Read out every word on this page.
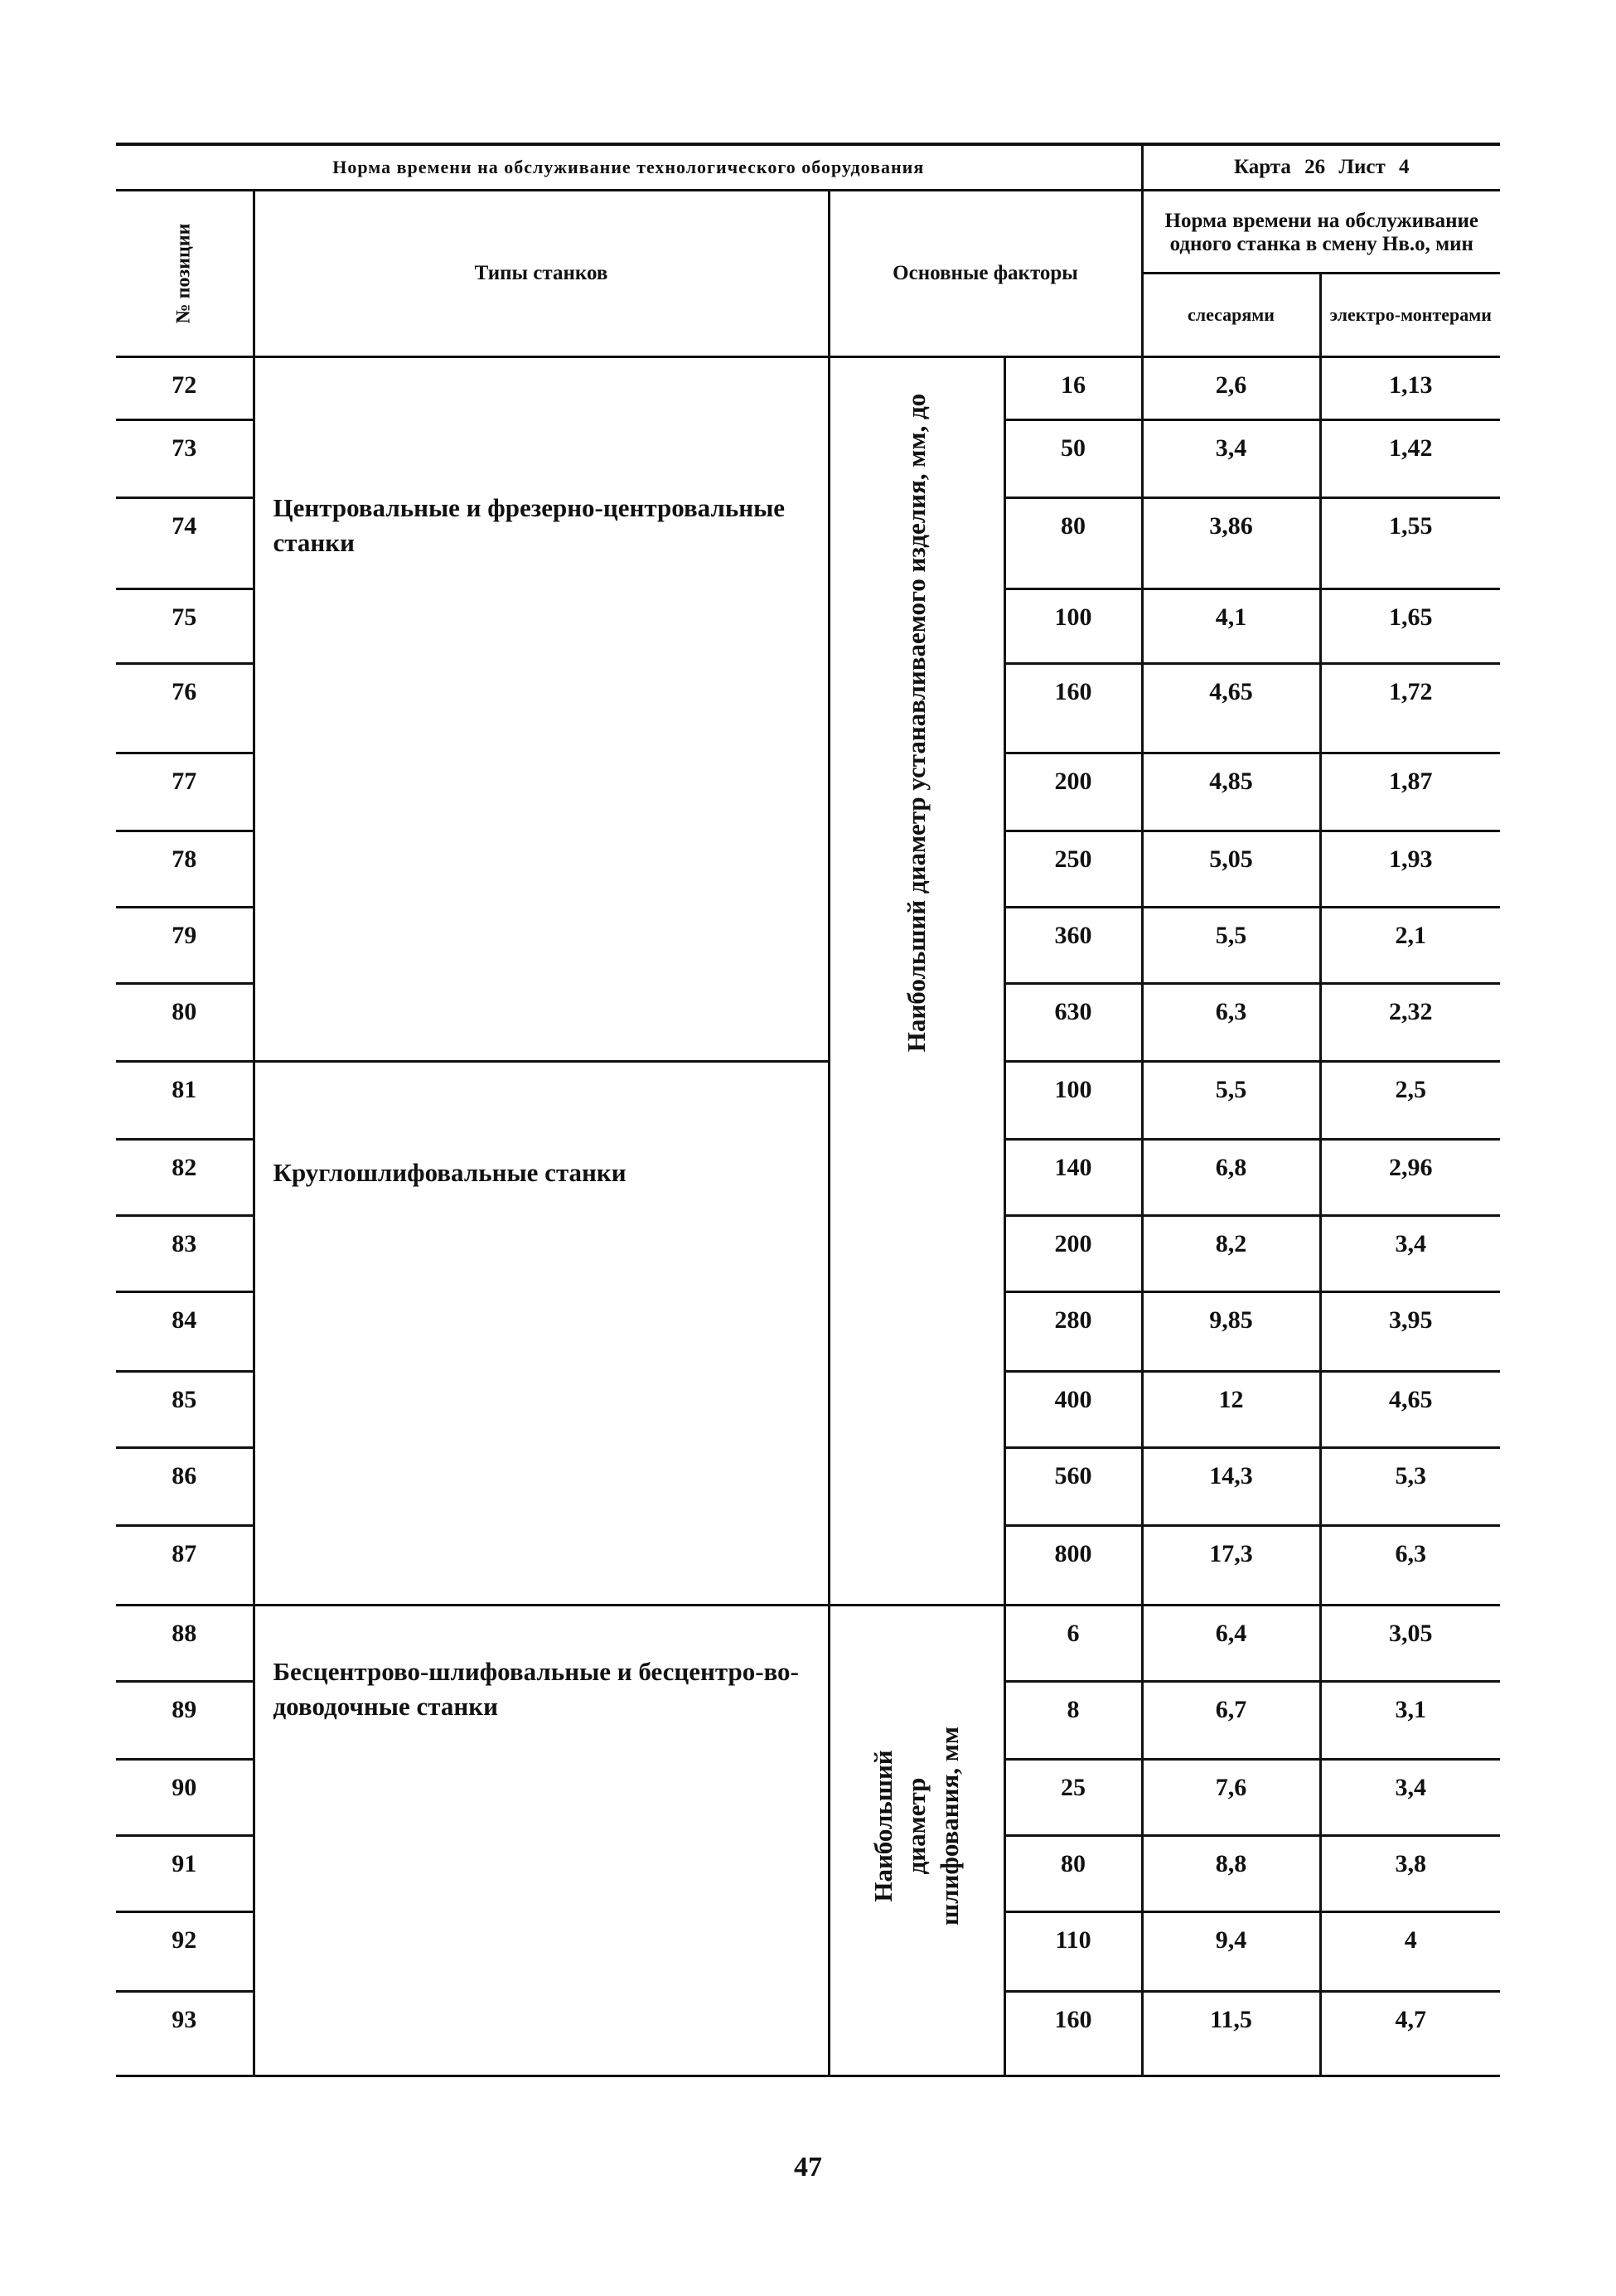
Норма времени на обслуживание технологического оборудования				Карта 26 Лист 4	

№ позиции	Типы станков	Основные факторы		Норма времени на обслуживание одного станка в смену Нв.о, мин	
				слесарями	электро-монтерами
72	Центровальные и фрезерно-центровальные станки	Наибольший диаметр устанавливаемого изделия, мм, до	16	2,6	1,13
73			50	3,4	1,42
74			80	3,86	1,55
75			100	4,1	1,65
76			160	4,65	1,72
77			200	4,85	1,87
78			250	5,05	1,93
79			360	5,5	2,1
80			630	6,3	2,32
81	Круглошлифовальные станки		100	5,5	2,5
82			140	6,8	2,96
83			200	8,2	3,4
84			280	9,85	3,95
85			400	12	4,65
86			560	14,3	5,3
87			800	17,3	6,3
88	Бесцентрово-шлифовальные и бесцентро-во-доводочные станки	Наибольший диаметр шлифования, мм	6	6,4	3,05
89			8	6,7	3,1
90			25	7,6	3,4
91			80	8,8	3,8
92			110	9,4	4
93			160	11,5	4,7
47
